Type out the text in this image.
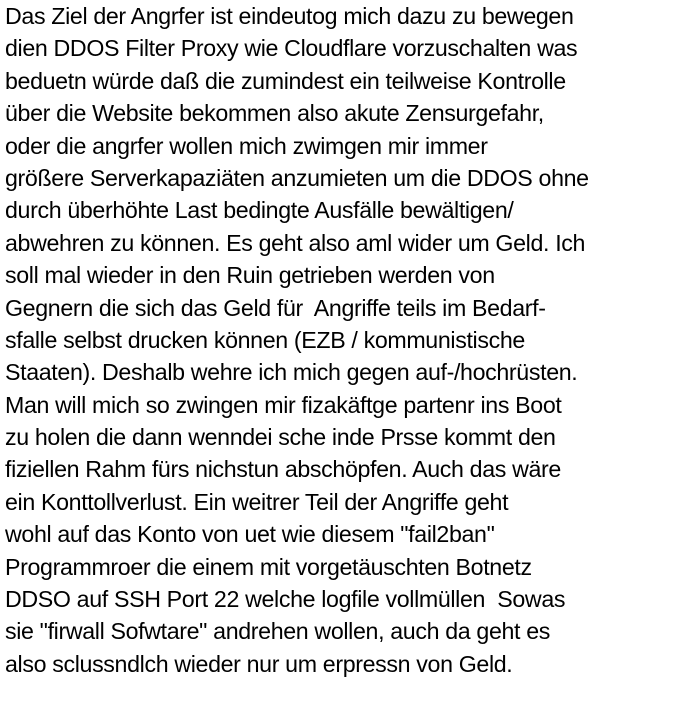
Das Ziel der Angrfer ist eindeutog mich dazu zu bewegen
dien DDOS Filter Proxy wie Cloudflare vorzuschalten was
beduetn würde daß die zumindest ein teilweise Kontrolle
über die Website bekommen also akute Zensurgefahr,
oder die angrfer wollen mich zwimgen mir immer
größere Serverkapaziäten anzumieten um die DDOS ohne
durch überhöhte Last bedingte Ausfälle bewältigen/
abwehren zu können. Es geht also aml wider um Geld. Ich
soll mal wieder in den Ruin getrieben werden von
Gegnern die sich das Geld für  Angriffe teils im Bedarf-
sfalle selbst drucken können (EZB / kommunistische
Staaten). Deshalb wehre ich mich gegen auf-/hochrüsten.
Man will mich so zwingen mir fizakäftge partenr ins Boot
zu holen die dann wenndei sche inde Prsse kommt den
fiziellen Rahm fürs nichstun abschöpfen. Auch das wäre
ein Konttollverlust. Ein weitrer Teil der Angriffe geht
wohl auf das Konto von uet wie diesem "fail2ban"
Programmroer die einem mit vorgetäuschten Botnetz
DDSO auf SSH Port 22 welche logfile vollmüllen  Sowas
sie "firwall Sofwtare" andrehen wollen, auch da geht es
also sclussndlch wieder nur um erpressn von Geld.
